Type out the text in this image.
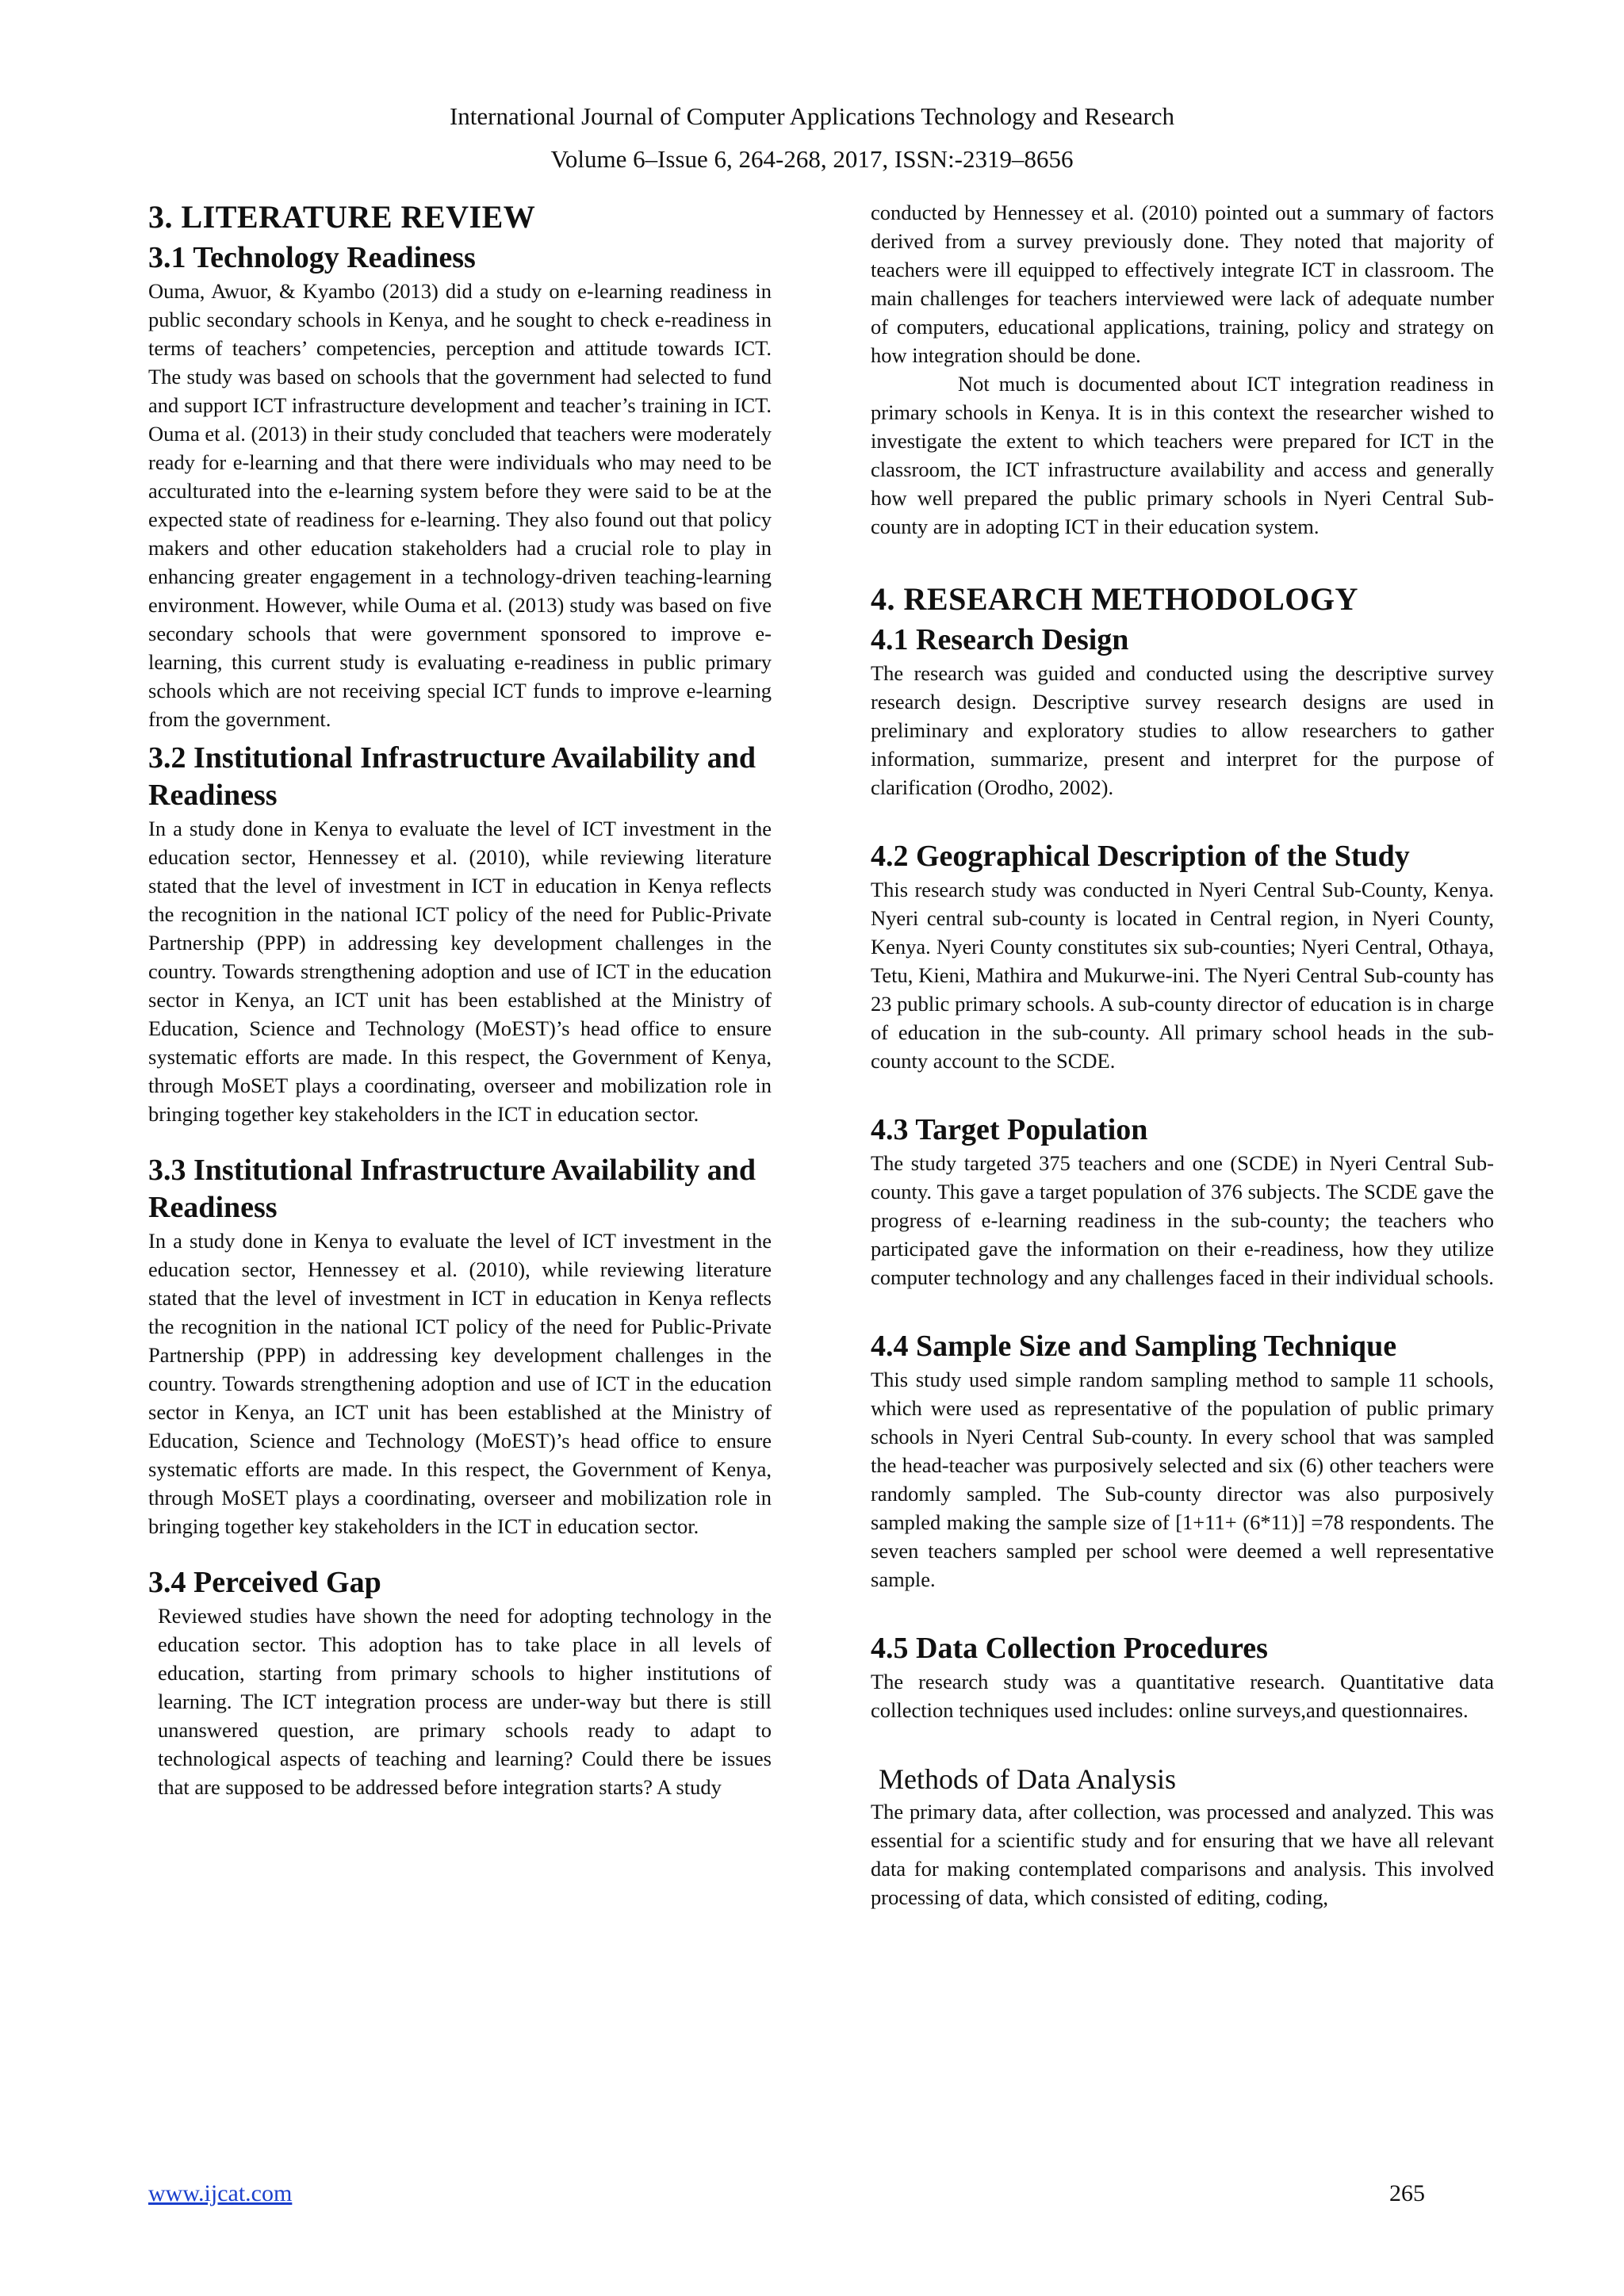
International Journal of Computer Applications Technology and Research
Volume 6–Issue 6, 264-268, 2017, ISSN:-2319–8656
3. LITERATURE REVIEW
3.1 Technology Readiness

Ouma, Awuor, & Kyambo (2013) did a study on e-learning readiness in public secondary schools in Kenya, and he sought to check e-readiness in terms of teachers’ competencies, perception and attitude towards ICT. The study was based on schools that the government had selected to fund and support ICT infrastructure development and teacher’s training in ICT. Ouma et al. (2013) in their study concluded that teachers were moderately ready for e-learning and that there were individuals who may need to be acculturated into the e-learning system before they were said to be at the expected state of readiness for e-learning. They also found out that policy makers and other education stakeholders had a crucial role to play in enhancing greater engagement in a technology-driven teaching-learning environment. However, while Ouma et al. (2013) study was based on five secondary schools that were government sponsored to improve e-learning, this current study is evaluating e-readiness in public primary schools which are not receiving special ICT funds to improve e-learning from the government.

3.2 Institutional Infrastructure Availability and Readiness

In a study done in Kenya to evaluate the level of ICT investment in the education sector, Hennessey et al. (2010), while reviewing literature stated that the level of investment in ICT in education in Kenya reflects the recognition in the national ICT policy of the need for Public-Private Partnership (PPP) in addressing key development challenges in the country. Towards strengthening adoption and use of ICT in the education sector in Kenya, an ICT unit has been established at the Ministry of Education, Science and Technology (MoEST)’s head office to ensure systematic efforts are made. In this respect, the Government of Kenya, through MoSET plays a coordinating, overseer and mobilization role in bringing together key stakeholders in the ICT in education sector.

3.3 Institutional Infrastructure Availability and Readiness

In a study done in Kenya to evaluate the level of ICT investment in the education sector, Hennessey et al. (2010), while reviewing literature stated that the level of investment in ICT in education in Kenya reflects the recognition in the national ICT policy of the need for Public-Private Partnership (PPP) in addressing key development challenges in the country. Towards strengthening adoption and use of ICT in the education sector in Kenya, an ICT unit has been established at the Ministry of Education, Science and Technology (MoEST)’s head office to ensure systematic efforts are made. In this respect, the Government of Kenya, through MoSET plays a coordinating, overseer and mobilization role in bringing together key stakeholders in the ICT in education sector.

3.4 Perceived Gap

Reviewed studies have shown the need for adopting technology in the education sector. This adoption has to take place in all levels of education, starting from primary schools to higher institutions of learning. The ICT integration process are under-way but there is still unanswered question, are primary schools ready to adapt to technological aspects of teaching and learning? Could there be issues that are supposed to be addressed before integration starts? A study

conducted by Hennessey et al. (2010) pointed out a summary of factors derived from a survey previously done. They noted that majority of teachers were ill equipped to effectively integrate ICT in classroom. The main challenges for teachers interviewed were lack of adequate number of computers, educational applications, training, policy and strategy on how integration should be done.

Not much is documented about ICT integration readiness in primary schools in Kenya. It is in this context the researcher wished to investigate the extent to which teachers were prepared for ICT in the classroom, the ICT infrastructure availability and access and generally how well prepared the public primary schools in Nyeri Central Sub-county are in adopting ICT in their education system.

4. RESEARCH METHODOLOGY
4.1 Research Design

The research was guided and conducted using the descriptive survey research design. Descriptive survey research designs are used in preliminary and exploratory studies to allow researchers to gather information, summarize, present and interpret for the purpose of clarification (Orodho, 2002).

4.2 Geographical Description of the Study

This research study was conducted in Nyeri Central Sub-County, Kenya. Nyeri central sub-county is located in Central region, in Nyeri County, Kenya. Nyeri County constitutes six sub-counties; Nyeri Central, Othaya, Tetu, Kieni, Mathira and Mukurwe-ini. The Nyeri Central Sub-county has 23 public primary schools. A sub-county director of education is in charge of education in the sub-county. All primary school heads in the sub-county account to the SCDE.

4.3 Target Population

The study targeted 375 teachers and one (SCDE) in Nyeri Central Sub-county. This gave a target population of 376 subjects. The SCDE gave the progress of e-learning readiness in the sub-county; the teachers who participated gave the information on their e-readiness, how they utilize computer technology and any challenges faced in their individual schools.

4.4 Sample Size and Sampling Technique

This study used simple random sampling method to sample 11 schools, which were used as representative of the population of public primary schools in Nyeri Central Sub-county. In every school that was sampled the head-teacher was purposively selected and six (6) other teachers were randomly sampled. The Sub-county director was also purposively sampled making the sample size of [1+11+ (6*11)] =78 respondents. The seven teachers sampled per school were deemed a well representative sample.

4.5 Data Collection Procedures

The research study was a quantitative research. Quantitative data collection techniques used includes: online surveys,and questionnaires.

Methods of Data Analysis

The primary data, after collection, was processed and analyzed. This was essential for a scientific study and for ensuring that we have all relevant data for making contemplated comparisons and analysis. This involved processing of data, which consisted of editing, coding,

www.ijcat.com	265
